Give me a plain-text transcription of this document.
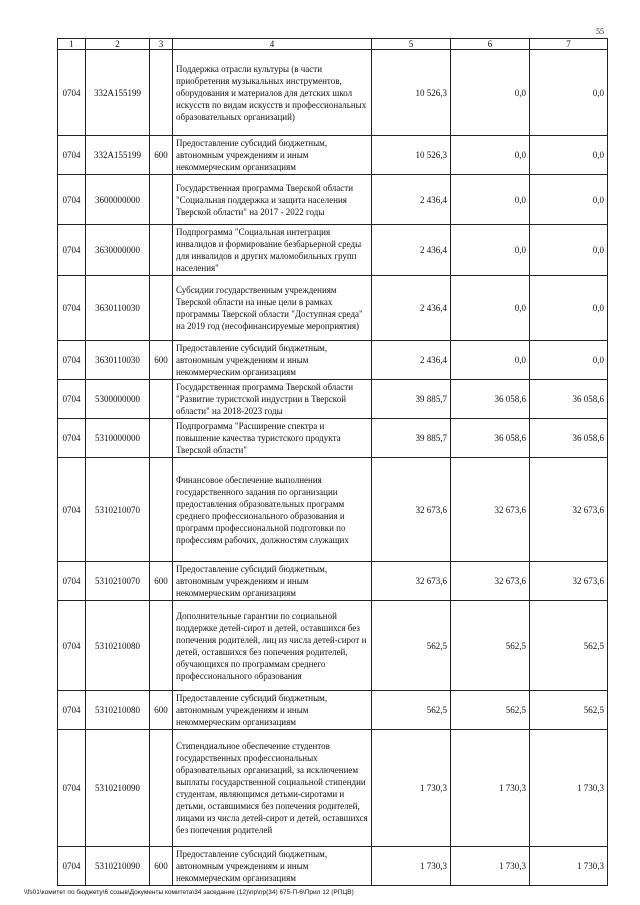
55
1	2	3	4	5	6	7
0704	332A155199		Поддержка отрасли культуры (в части приобретения музыкальных инструментов, оборудования и материалов для детских школ искусств по видам искусств и профессиональных образовательных организаций)	10 526,3	0,0	0,0
0704	332A155199	600	Предоставление субсидий бюджетным, автономным учреждениям и иным некоммерческим организациям	10 526,3	0,0	0,0
0704	3600000000		Государственная программа Тверской области "Социальная поддержка и защита населения Тверской области" на 2017 - 2022 годы	2 436,4	0,0	0,0
0704	3630000000		Подпрограмма "Социальная интеграция инвалидов и формирование безбарьерной среды для инвалидов и других маломобильных групп населения"	2 436,4	0,0	0,0
0704	3630110030		Субсидии государственным учреждениям Тверской области на иные цели в рамках программы Тверской области "Доступная среда" на 2019 год (несофинансируемые мероприятия)	2 436,4	0,0	0,0
0704	3630110030	600	Предоставление субсидий бюджетным, автономным учреждениям и иным некоммерческим организациям	2 436,4	0,0	0,0
0704	5300000000		Государственная программа Тверской области "Развитие туристской индустрии в Тверской области" на 2018-2023 годы	39 885,7	36 058,6	36 058,6
0704	5310000000		Подпрограмма "Расширение спектра и повышение качества туристского продукта Тверской области"	39 885,7	36 058,6	36 058,6
0704	5310210070		Финансовое обеспечение выполнения государственного задания по организации предоставления образовательных программ среднего профессионального образования и программ профессиональной подготовки по профессиям рабочих, должностям служащих	32 673,6	32 673,6	32 673,6
0704	5310210070	600	Предоставление субсидий бюджетным, автономным учреждениям и иным некоммерческим организациям	32 673,6	32 673,6	32 673,6
0704	5310210080		Дополнительные гарантии по социальной поддержке детей-сирот и детей, оставшихся без попечения родителей, лиц из числа детей-сирот и детей, оставшихся без попечения родителей, обучающихся по программам среднего профессионального образования	562,5	562,5	562,5
0704	5310210080	600	Предоставление субсидий бюджетным, автономным учреждениям и иным некоммерческим организациям	562,5	562,5	562,5
0704	5310210090		Стипендиальное обеспечение студентов государственных профессиональных образовательных организаций, за исключением выплаты государственной социальной стипендии студентам, являющимся детьми-сиротами и детьми, оставшимися без попечения родителей, лицами из числа детей-сирот и детей, оставшихся без попечения родителей	1 730,3	1 730,3	1 730,3
0704	5310210090	600	Предоставление субсидий бюджетным, автономным учреждениям и иным некоммерческим организациям	1 730,3	1 730,3	1 730,3
\\fs01\комитет по бюджету\6 созыв\Документы комитета\34 заседание (12)\пр\пр(34) 675-П-6\Прил 12 (РПЦВ)
